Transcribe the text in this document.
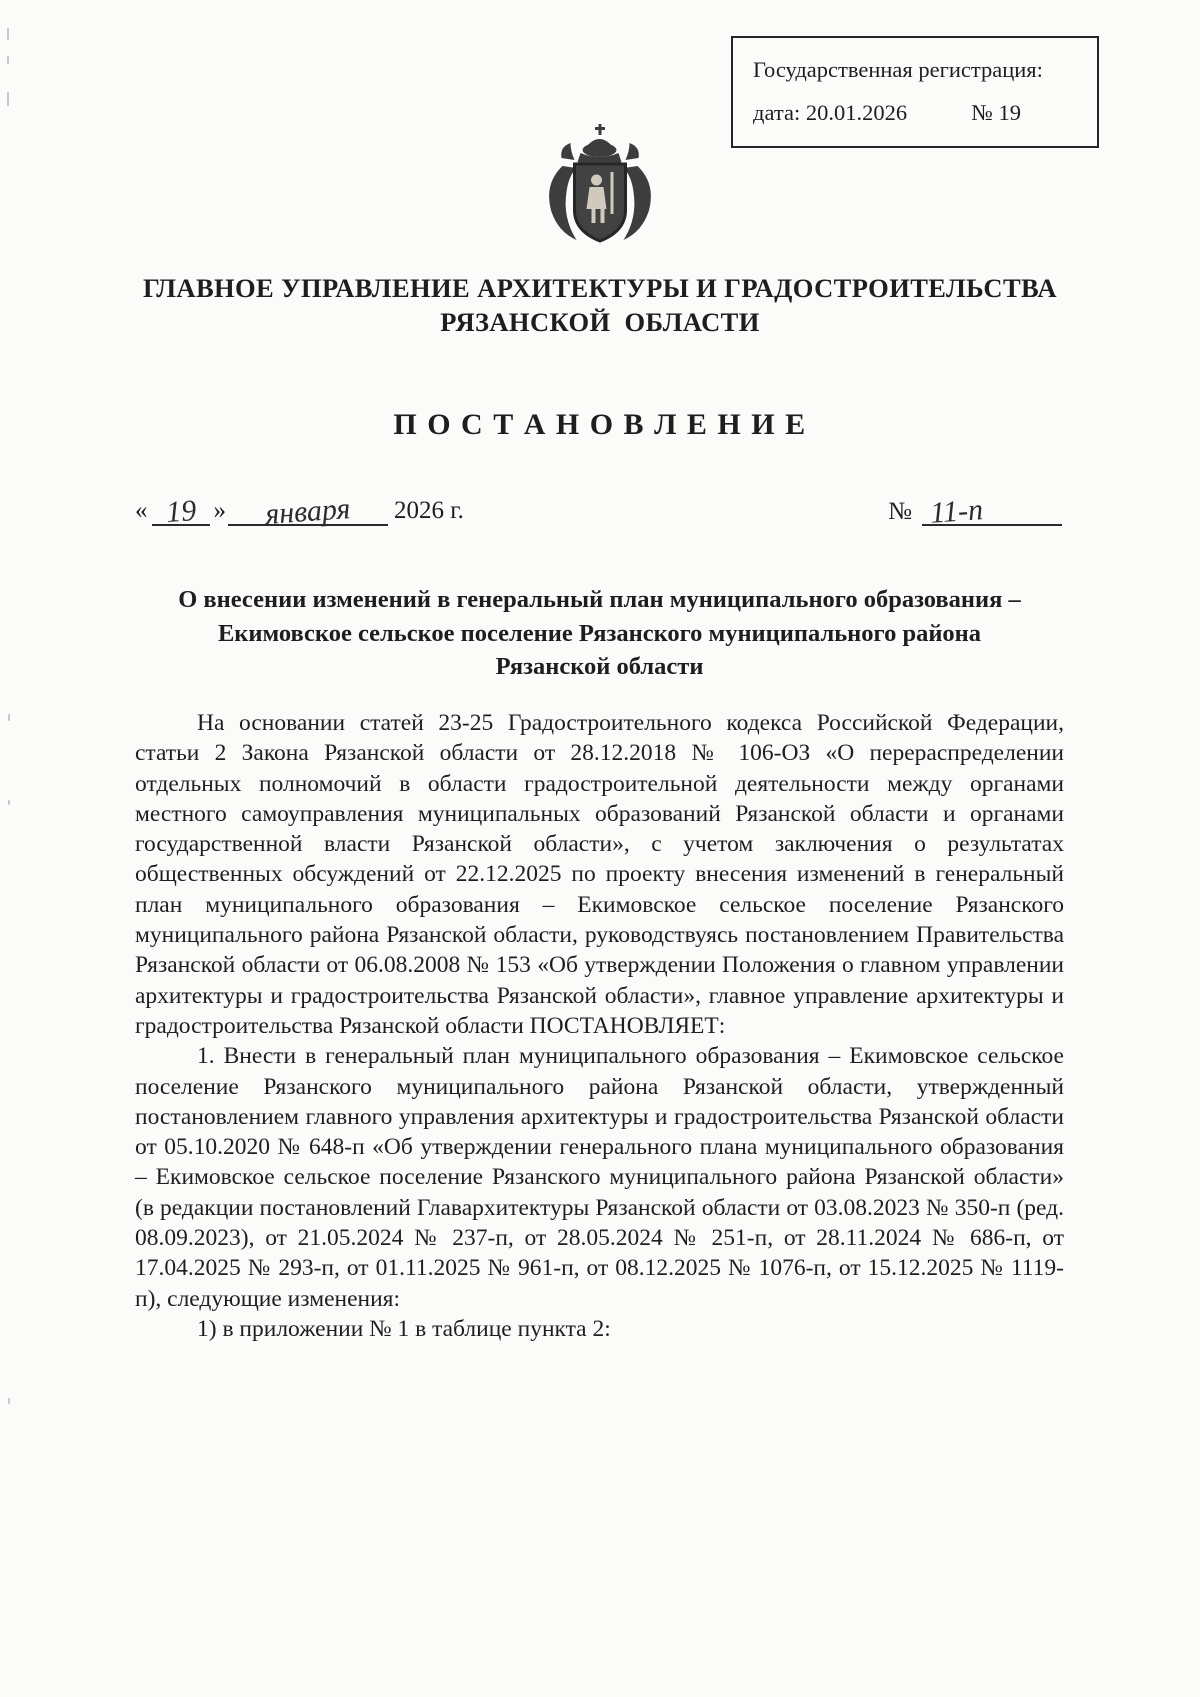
Государственная регистрация:
дата: 20.01.2026	№ 19
ГЛАВНОЕ УПРАВЛЕНИЕ АРХИТЕКТУРЫ И ГРАДОСТРОИТЕЛЬСТВА
РЯЗАНСКОЙ  ОБЛАСТИ
П О С Т А Н О В Л Е Н И Е
« 19 » января 2026 г.	№ 11-п
О внесении изменений в генеральный план муниципального образования –
Екимовское сельское поселение Рязанского муниципального района
Рязанской области

На основании статей 23-25 Градостроительного кодекса Российской Федерации, статьи 2 Закона Рязанской области от 28.12.2018 № 106-ОЗ «О перераспределении отдельных полномочий в области градостроительной деятельности между органами местного самоуправления муниципальных образований Рязанской области и органами государственной власти Рязанской области», с учетом заключения о результатах общественных обсуждений от 22.12.2025 по проекту внесения изменений в генеральный план муниципального образования – Екимовское сельское поселение Рязанского муниципального района Рязанской области, руководствуясь постановлением Правительства Рязанской области от 06.08.2008 № 153 «Об утверждении Положения о главном управлении архитектуры и градостроительства Рязанской области», главное управление архитектуры и градостроительства Рязанской области ПОСТАНОВЛЯЕТ:

1. Внести в генеральный план муниципального образования – Екимовское сельское поселение Рязанского муниципального района Рязанской области, утвержденный постановлением главного управления архитектуры и градостроительства Рязанской области от 05.10.2020 № 648-п «Об утверждении генерального плана муниципального образования – Екимовское сельское поселение Рязанского муниципального района Рязанской области» (в редакции постановлений Главархитектуры Рязанской области от 03.08.2023 № 350-п (ред. 08.09.2023), от 21.05.2024 № 237-п, от 28.05.2024 № 251-п, от 28.11.2024 № 686-п, от 17.04.2025 № 293-п, от 01.11.2025 № 961-п, от 08.12.2025 № 1076-п, от 15.12.2025 № 1119-п), следующие изменения:

1) в приложении № 1 в таблице пункта 2:
